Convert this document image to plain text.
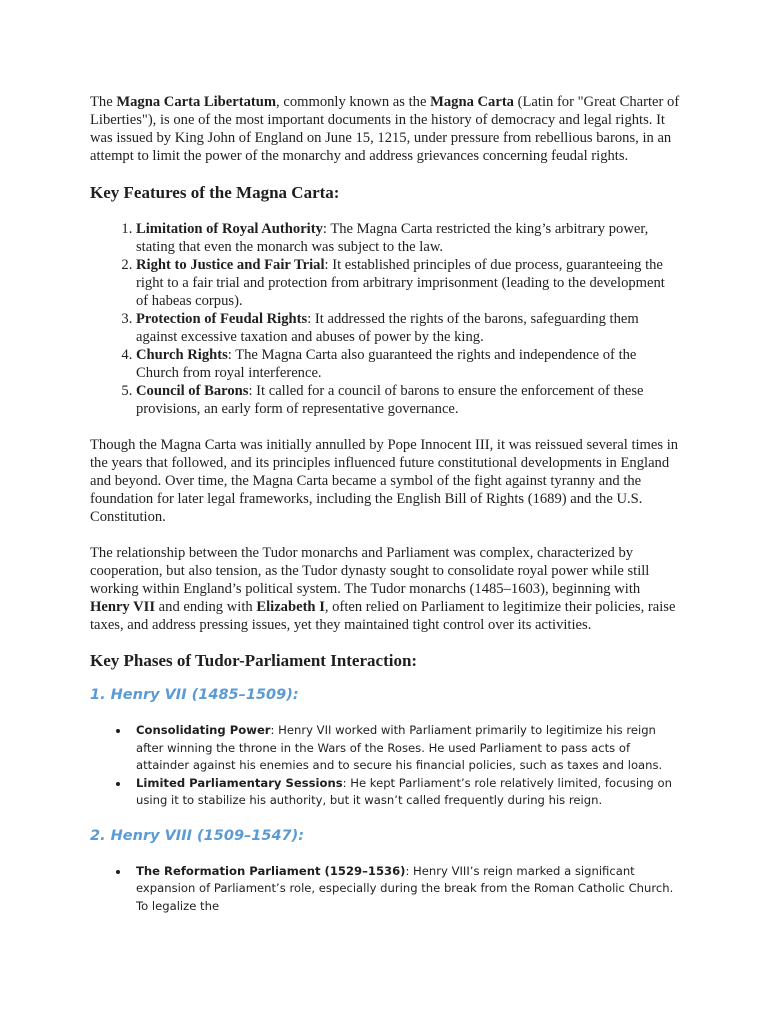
The Magna Carta Libertatum, commonly known as the Magna Carta (Latin for "Great Charter of Liberties"), is one of the most important documents in the history of democracy and legal rights. It was issued by King John of England on June 15, 1215, under pressure from rebellious barons, in an attempt to limit the power of the monarchy and address grievances concerning feudal rights.

Key Features of the Magna Carta:
1. Limitation of Royal Authority: The Magna Carta restricted the king’s arbitrary power, stating that even the monarch was subject to the law.
2. Right to Justice and Fair Trial: It established principles of due process, guaranteeing the right to a fair trial and protection from arbitrary imprisonment (leading to the development of habeas corpus).
3. Protection of Feudal Rights: It addressed the rights of the barons, safeguarding them against excessive taxation and abuses of power by the king.
4. Church Rights: The Magna Carta also guaranteed the rights and independence of the Church from royal interference.
5. Council of Barons: It called for a council of barons to ensure the enforcement of these provisions, an early form of representative governance.

Though the Magna Carta was initially annulled by Pope Innocent III, it was reissued several times in the years that followed, and its principles influenced future constitutional developments in England and beyond. Over time, the Magna Carta became a symbol of the fight against tyranny and the foundation for later legal frameworks, including the English Bill of Rights (1689) and the U.S. Constitution.

The relationship between the Tudor monarchs and Parliament was complex, characterized by cooperation, but also tension, as the Tudor dynasty sought to consolidate royal power while still working within England’s political system. The Tudor monarchs (1485–1603), beginning with Henry VII and ending with Elizabeth I, often relied on Parliament to legitimize their policies, raise taxes, and address pressing issues, yet they maintained tight control over its activities.

Key Phases of Tudor-Parliament Interaction:
1. Henry VII (1485–1509):
Consolidating Power: Henry VII worked with Parliament primarily to legitimize his reign after winning the throne in the Wars of the Roses. He used Parliament to pass acts of attainder against his enemies and to secure his financial policies, such as taxes and loans.
Limited Parliamentary Sessions: He kept Parliament’s role relatively limited, focusing on using it to stabilize his authority, but it wasn’t called frequently during his reign.
2. Henry VIII (1509–1547):
The Reformation Parliament (1529–1536): Henry VIII’s reign marked a significant expansion of Parliament’s role, especially during the break from the Roman Catholic Church. To legalize the
